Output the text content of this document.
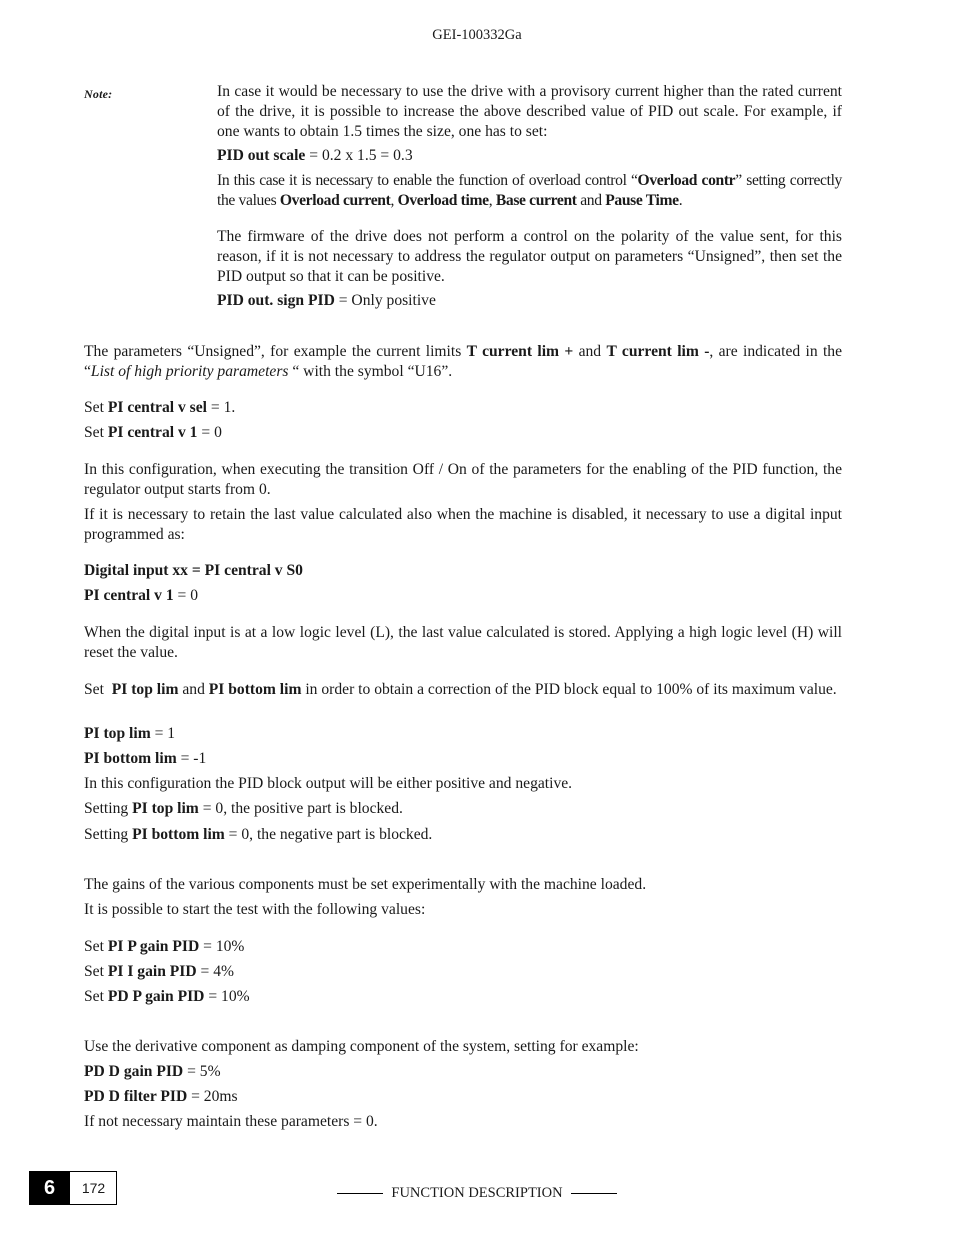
GEI-100332Ga
Note:	In case it would be necessary to use the drive with a provisory current higher than the rated current of the drive, it is possible to increase the above described value of PID out scale. For example, if one wants to obtain 1.5 times the size, one has to set:
PID out scale = 0.2 x 1.5 = 0.3
In this case it is necessary to enable the function of overload control “Overload contr” setting correctly the values Overload current, Overload time, Base current and Pause Time.
The firmware of the drive does not perform a control on the polarity of the value sent, for this reason, if it is not necessary to address the regulator output on parameters “Unsigned”, then set the PID output so that it can be positive.
PID out. sign PID = Only positive
The parameters “Unsigned”, for example the current limits T current lim + and T current lim -, are indicated in the “List of high priority parameters “ with the symbol “U16”.
Set PI central v sel = 1.
Set PI central v 1 = 0
In this configuration, when executing the transition Off / On of the parameters for the enabling of the PID function, the regulator output starts from 0.
If it is necessary to retain the last value calculated also when the machine is disabled, it necessary to use a digital input programmed as:
Digital input xx = PI central v S0
PI central v 1 = 0
When the digital input is at a low logic level (L), the last value calculated is stored. Applying a high logic level (H) will reset the value.
Set  PI top lim and PI bottom lim in order to obtain a correction of the PID block equal to 100% of its maximum value.
PI top lim = 1
PI bottom lim = -1
In this configuration the PID block output will be either positive and negative.
Setting PI top lim = 0, the positive part is blocked.
Setting PI bottom lim = 0, the negative part is blocked.
The gains of the various components must be set experimentally with the machine loaded.
It is possible to start the test with the following values:
Set PI P gain PID = 10%
Set PI I gain PID = 4%
Set PD P gain PID = 10%
Use the derivative component as damping component of the system, setting for example:
PD D gain PID = 5%
PD D filter PID = 20ms
If not necessary maintain these parameters = 0.
6	172	FUNCTION DESCRIPTION
